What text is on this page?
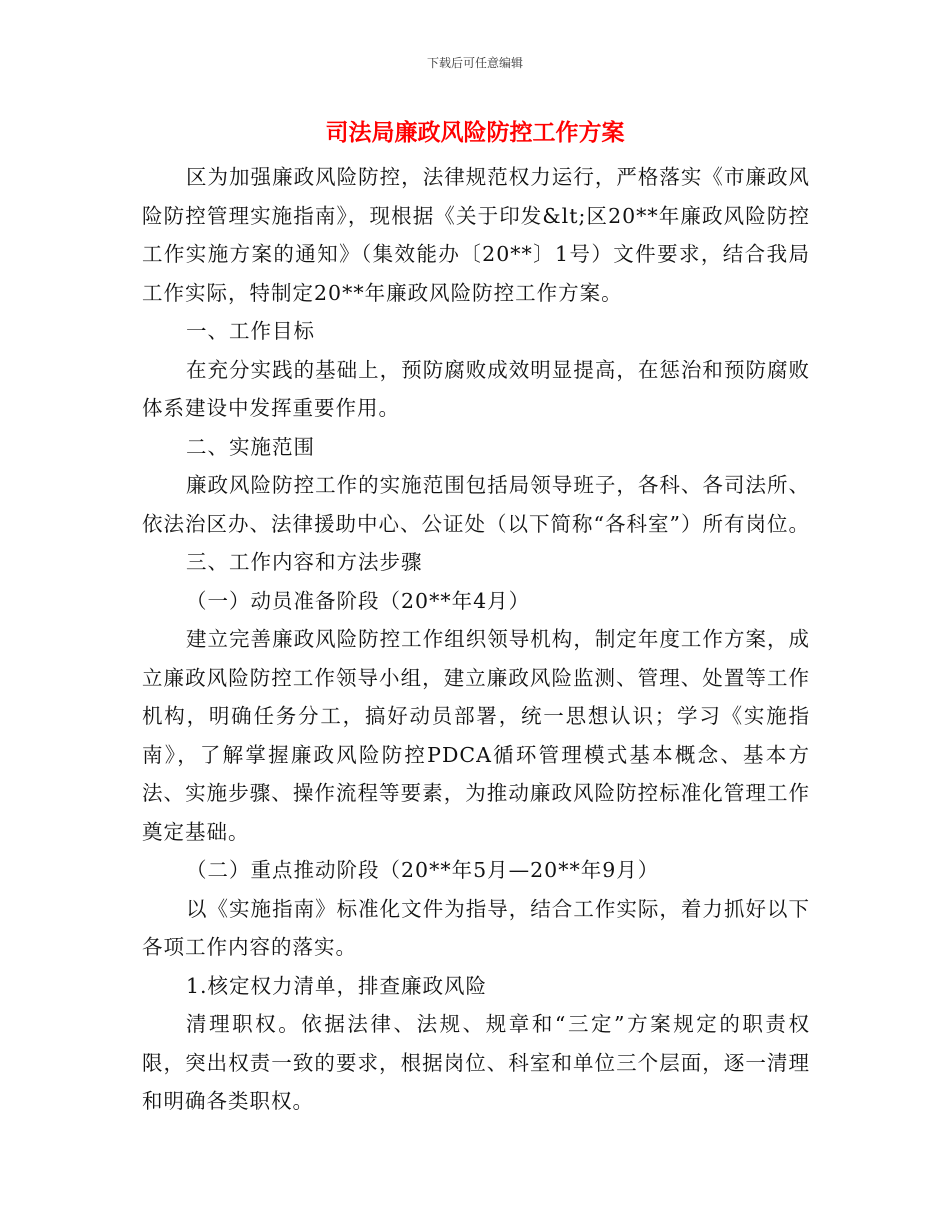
下载后可任意编辑
司法局廉政风险防控工作方案

区为加强廉政风险防控，法律规范权力运行，严格落实《市廉政风险防控管理实施指南》，现根据《关于印发&lt;区20**年廉政风险防控工作实施方案的通知》（集效能办〔20**〕1号）文件要求，结合我局工作实际，特制定20**年廉政风险防控工作方案。

一、工作目标

在充分实践的基础上，预防腐败成效明显提高，在惩治和预防腐败体系建设中发挥重要作用。

二、实施范围

廉政风险防控工作的实施范围包括局领导班子，各科、各司法所、依法治区办、法律援助中心、公证处（以下简称“各科室”）所有岗位。

三、工作内容和方法步骤

（一）动员准备阶段（20**年4月）

建立完善廉政风险防控工作组织领导机构，制定年度工作方案，成立廉政风险防控工作领导小组，建立廉政风险监测、管理、处置等工作机构，明确任务分工，搞好动员部署，统一思想认识；学习《实施指南》，了解掌握廉政风险防控PDCA循环管理模式基本概念、基本方法、实施步骤、操作流程等要素，为推动廉政风险防控标准化管理工作奠定基础。

（二）重点推动阶段（20**年5月—20**年9月）

以《实施指南》标准化文件为指导，结合工作实际，着力抓好以下各项工作内容的落实。

1.核定权力清单，排查廉政风险

清理职权。依据法律、法规、规章和“三定”方案规定的职责权限，突出权责一致的要求，根据岗位、科室和单位三个层面，逐一清理和明确各类职权。
